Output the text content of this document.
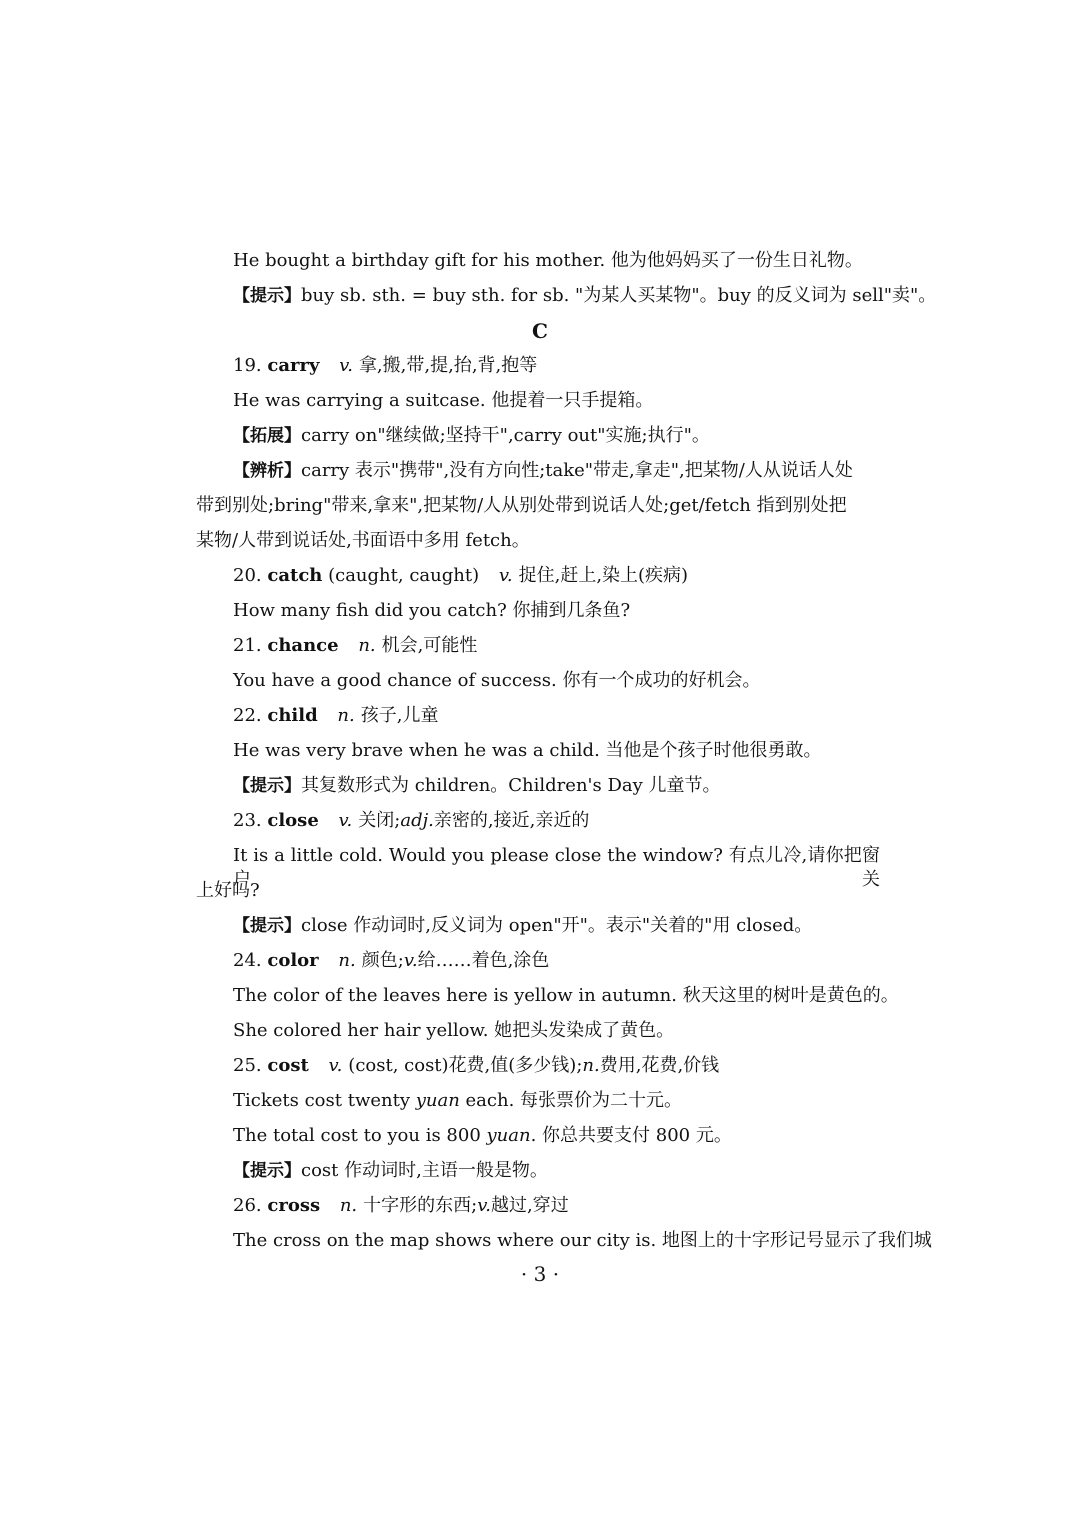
He bought a birthday gift for his mother. 他为他妈妈买了一份生日礼物。
【提示】buy sb. sth. = buy sth. for sb. "为某人买某物"。buy 的反义词为 sell"卖"。
C
19. carry v. 拿,搬,带,提,抬,背,抱等
He was carrying a suitcase. 他提着一只手提箱。
【拓展】carry on"继续做;坚持干",carry out"实施;执行"。
【辨析】carry 表示"携带",没有方向性;take"带走,拿走",把某物/人从说话人处
带到别处;bring"带来,拿来",把某物/人从别处带到说话人处;get/fetch 指到别处把
某物/人带到说话处,书面语中多用 fetch。
20. catch (caught, caught) v. 捉住,赶上,染上(疾病)
How many fish did you catch? 你捕到几条鱼?
21. chance n. 机会,可能性
You have a good chance of success. 你有一个成功的好机会。
22. child n. 孩子,儿童
He was very brave when he was a child. 当他是个孩子时他很勇敢。
【提示】其复数形式为 children。Children's Day 儿童节。
23. close v. 关闭;adj.亲密的,接近,亲近的
It is a little cold. Would you please close the window? 有点儿冷,请你把窗户关
上好吗?
【提示】close 作动词时,反义词为 open"开"。表示"关着的"用 closed。
24. color n. 颜色;v.给……着色,涂色
The color of the leaves here is yellow in autumn. 秋天这里的树叶是黄色的。
She colored her hair yellow. 她把头发染成了黄色。
25. cost v. (cost, cost)花费,值(多少钱);n.费用,花费,价钱
Tickets cost twenty yuan each. 每张票价为二十元。
The total cost to you is 800 yuan. 你总共要支付 800 元。
【提示】cost 作动词时,主语一般是物。
26. cross n. 十字形的东西;v.越过,穿过
The cross on the map shows where our city is. 地图上的十字形记号显示了我们城
· 3 ·
